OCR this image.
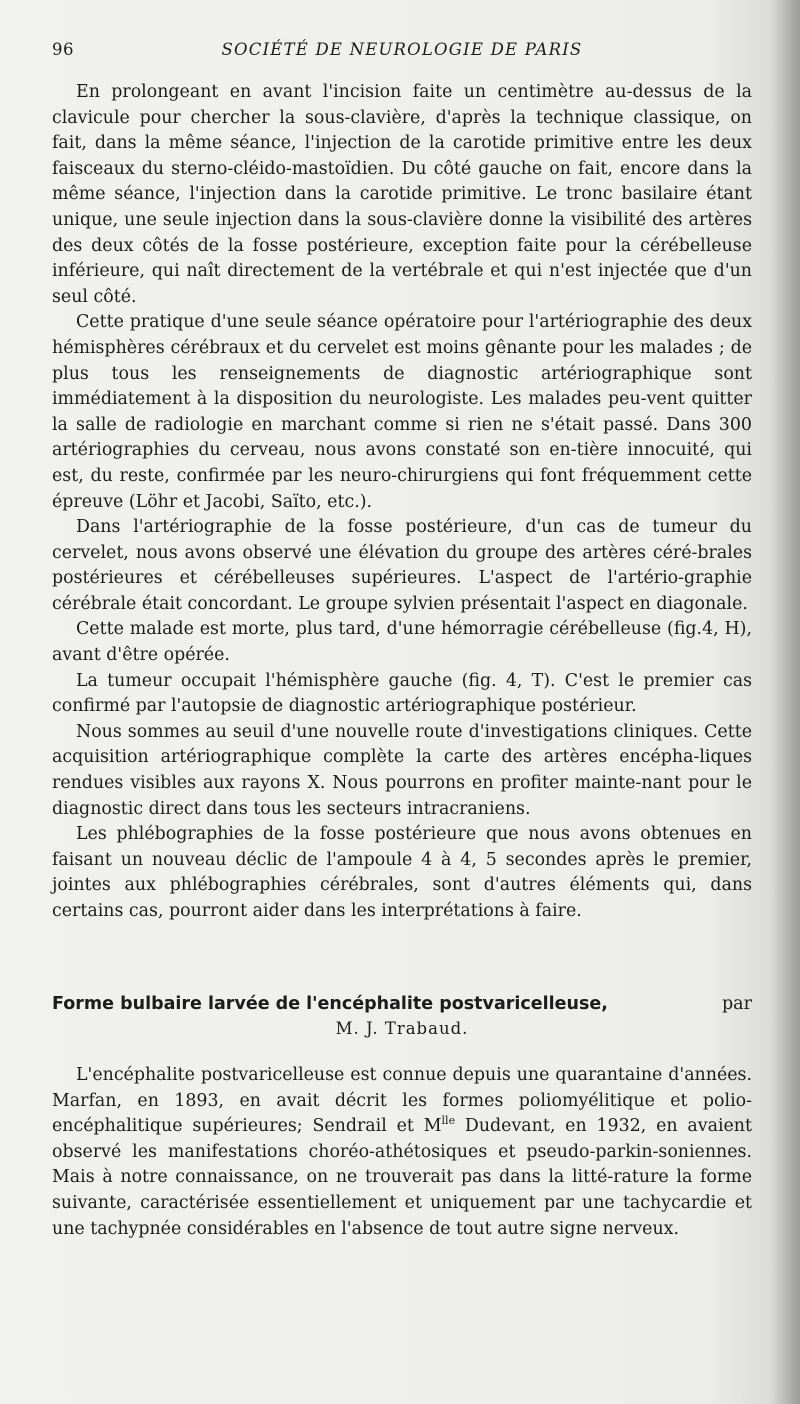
96	SOCIÉTÉ DE NEUROLOGIE DE PARIS

En prolongeant en avant l'incision faite un centimètre au-dessus de la clavicule pour chercher la sous-clavière, d'après la technique classique, on fait, dans la même séance, l'injection de la carotide primitive entre les deux faisceaux du sterno-cléido-mastoïdien. Du côté gauche on fait, encore dans la même séance, l'injection dans la carotide primitive. Le tronc basilaire étant unique, une seule injection dans la sous-clavière donne la visibilité des artères des deux côtés de la fosse postérieure, exception faite pour la cérébelleuse inférieure, qui naît directement de la vertébrale et qui n'est injectée que d'un seul côté.

Cette pratique d'une seule séance opératoire pour l'artériographie des deux hémisphères cérébraux et du cervelet est moins gênante pour les malades ; de plus tous les renseignements de diagnostic artériographique sont immédiatement à la disposition du neurologiste. Les malades peu-vent quitter la salle de radiologie en marchant comme si rien ne s'était passé. Dans 300 artériographies du cerveau, nous avons constaté son en-tière innocuité, qui est, du reste, confirmée par les neuro-chirurgiens qui font fréquemment cette épreuve (Löhr et Jacobi, Saïto, etc.).

Dans l'artériographie de la fosse postérieure, d'un cas de tumeur du cervelet, nous avons observé une élévation du groupe des artères céré-brales postérieures et cérébelleuses supérieures. L'aspect de l'artério-graphie cérébrale était concordant. Le groupe sylvien présentait l'aspect en diagonale.

Cette malade est morte, plus tard, d'une hémorragie cérébelleuse (fig.4, H), avant d'être opérée.

La tumeur occupait l'hémisphère gauche (fig. 4, T). C'est le premier cas confirmé par l'autopsie de diagnostic artériographique postérieur.

Nous sommes au seuil d'une nouvelle route d'investigations cliniques. Cette acquisition artériographique complète la carte des artères encépha-liques rendues visibles aux rayons X. Nous pourrons en profiter mainte-nant pour le diagnostic direct dans tous les secteurs intracraniens.

Les phlébographies de la fosse postérieure que nous avons obtenues en faisant un nouveau déclic de l'ampoule 4 à 4, 5 secondes après le premier, jointes aux phlébographies cérébrales, sont d'autres éléments qui, dans certains cas, pourront aider dans les interprétations à faire.

Forme bulbaire larvée de l'encéphalite postvaricelleuse,	par
M. J. Trabaud.

L'encéphalite postvaricelleuse est connue depuis une quarantaine d'années. Marfan, en 1893, en avait décrit les formes poliomyélitique et polio-encéphalitique supérieures; Sendrail et $M^{lle}$ Dudevant, en 1932, en avaient observé les manifestations choréo-athétosiques et pseudo-parkin-soniennes. Mais à notre connaissance, on ne trouverait pas dans la litté-rature la forme suivante, caractérisée essentiellement et uniquement par une tachycardie et une tachypnée considérables en l'absence de tout autre signe nerveux.
